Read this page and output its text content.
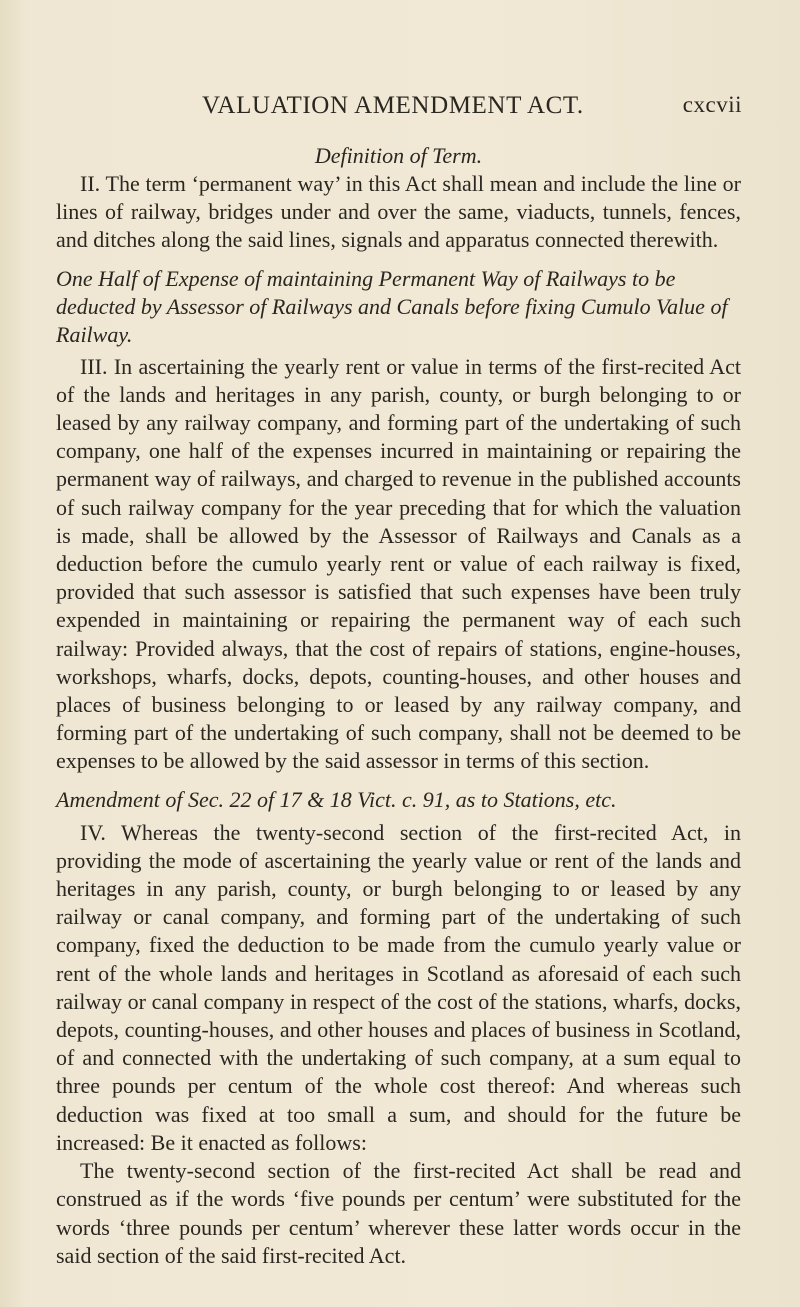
VALUATION AMENDMENT ACT.	cxcvii

Definition of Term.

II. The term ‘permanent way’ in this Act shall mean and include the line or lines of railway, bridges under and over the same, viaducts, tunnels, fences, and ditches along the said lines, signals and apparatus connected therewith.

One Half of Expense of maintaining Permanent Way of Railways to be deducted by Assessor of Railways and Canals before fixing Cumulo Value of Railway.

III. In ascertaining the yearly rent or value in terms of the first-recited Act of the lands and heritages in any parish, county, or burgh belonging to or leased by any railway company, and forming part of the undertaking of such company, one half of the expenses incurred in maintaining or repairing the permanent way of railways, and charged to revenue in the published accounts of such railway company for the year preceding that for which the valuation is made, shall be allowed by the Assessor of Railways and Canals as a deduction before the cumulo yearly rent or value of each railway is fixed, provided that such assessor is satisfied that such expenses have been truly expended in maintaining or repairing the permanent way of each such railway: Provided always, that the cost of repairs of stations, engine-houses, workshops, wharfs, docks, depots, counting-houses, and other houses and places of business belonging to or leased by any railway company, and forming part of the undertaking of such company, shall not be deemed to be expenses to be allowed by the said assessor in terms of this section.

Amendment of Sec. 22 of 17 & 18 Vict. c. 91, as to Stations, etc.

IV. Whereas the twenty-second section of the first-recited Act, in providing the mode of ascertaining the yearly value or rent of the lands and heritages in any parish, county, or burgh belonging to or leased by any railway or canal company, and forming part of the undertaking of such company, fixed the deduction to be made from the cumulo yearly value or rent of the whole lands and heritages in Scotland as aforesaid of each such railway or canal company in respect of the cost of the stations, wharfs, docks, depots, counting-houses, and other houses and places of business in Scotland, of and connected with the undertaking of such company, at a sum equal to three pounds per centum of the whole cost thereof: And whereas such deduction was fixed at too small a sum, and should for the future be increased: Be it enacted as follows:

The twenty-second section of the first-recited Act shall be read and construed as if the words ‘five pounds per centum’ were substituted for the words ‘three pounds per centum’ wherever these latter words occur in the said section of the said first-recited Act.
